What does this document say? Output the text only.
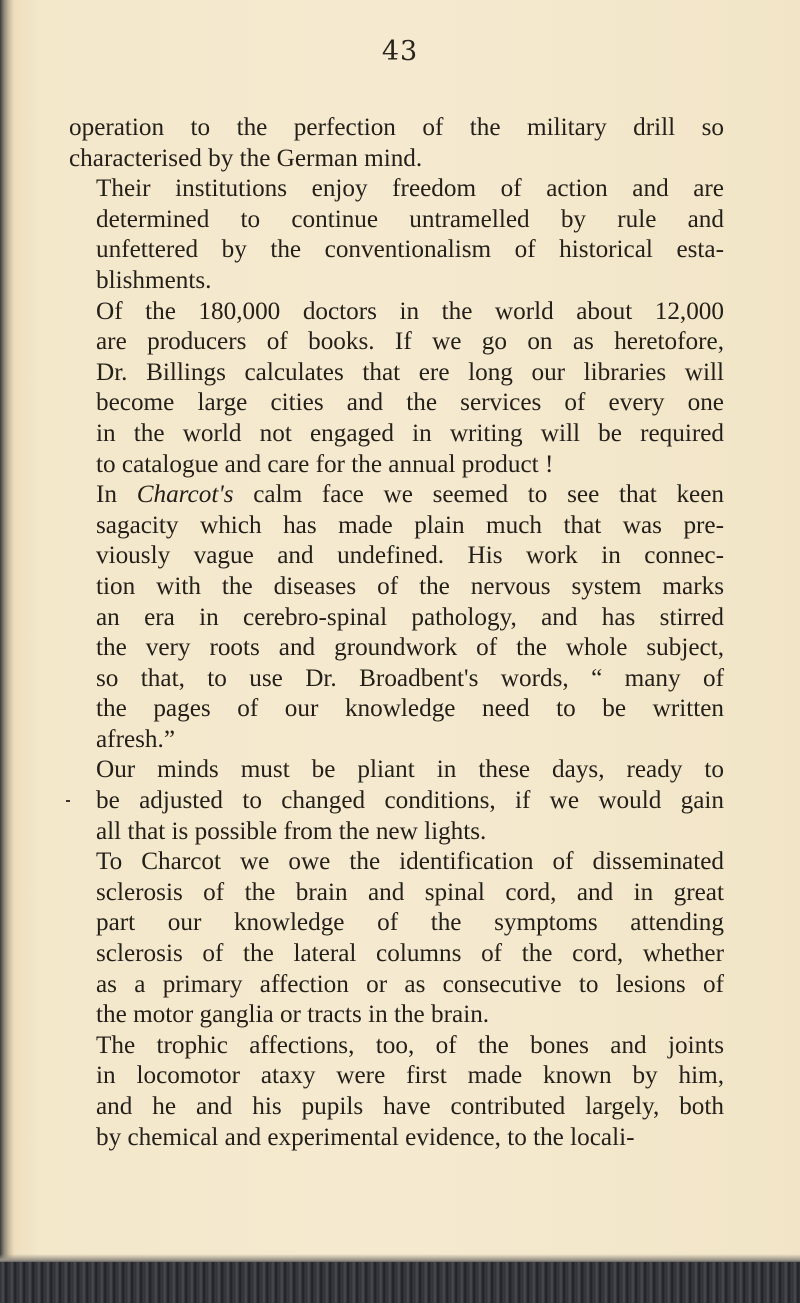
43

operation to the perfection of the military drill so
characterised by the German mind.

Their institutions enjoy freedom of action and are
determined to continue untramelled by rule and
unfettered by the conventionalism of historical esta-
blishments.

Of the 180,000 doctors in the world about 12,000
are producers of books. If we go on as heretofore,
Dr. Billings calculates that ere long our libraries will
become large cities and the services of every one
in the world not engaged in writing will be required
to catalogue and care for the annual product !

In Charcot's calm face we seemed to see that keen
sagacity which has made plain much that was pre-
viously vague and undefined. His work in connec-
tion with the diseases of the nervous system marks
an era in cerebro-spinal pathology, and has stirred
the very roots and groundwork of the whole subject,
so that, to use Dr. Broadbent's words, “ many of
the pages of our knowledge need to be written
afresh.”

Our minds must be pliant in these days, ready to
be adjusted to changed conditions, if we would gain
all that is possible from the new lights.

To Charcot we owe the identification of disseminated
sclerosis of the brain and spinal cord, and in great
part our knowledge of the symptoms attending
sclerosis of the lateral columns of the cord, whether
as a primary affection or as consecutive to lesions of
the motor ganglia or tracts in the brain.

The trophic affections, too, of the bones and joints
in locomotor ataxy were first made known by him,
and he and his pupils have contributed largely, both
by chemical and experimental evidence, to the locali-
